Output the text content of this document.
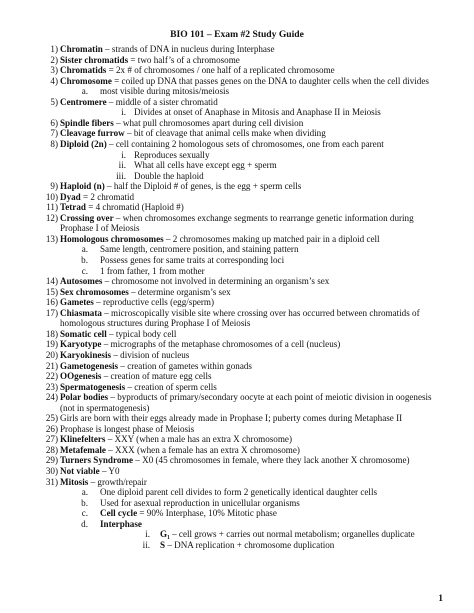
BIO 101 – Exam #2 Study Guide
1) Chromatin – strands of DNA in nucleus during Interphase
2) Sister chromatids = two half’s of a chromosome
3) Chromatids = 2x # of chromosomes / one half of a replicated chromosome
4) Chromosome = coiled up DNA that passes genes on the DNA to daughter cells when the cell divides
a. most visible during mitosis/meiosis
5) Centromere – middle of a sister chromatid
i. Divides at onset of Anaphase in Mitosis and Anaphase II in Meiosis
6) Spindle fibers – what pull chromosomes apart during cell division
7) Cleavage furrow – bit of cleavage that animal cells make when dividing
8) Diploid (2n) – cell containing 2 homologous sets of chromosomes, one from each parent
i. Reproduces sexually
ii. What all cells have except egg + sperm
iii. Double the haploid
9) Haploid (n) – half the Diploid # of genes, is the egg + sperm cells
10) Dyad = 2 chromatid
11) Tetrad = 4 chromatid (Haploid #)
12) Crossing over – when chromosomes exchange segments to rearrange genetic information during
Prophase I of Meiosis
13) Homologous chromosomes – 2 chromosomes making up matched pair in a diploid cell
a. Same length, centromere position, and staining pattern
b. Possess genes for same traits at corresponding loci
c. 1 from father, 1 from mother
14) Autosomes – chromosome not involved in determining an organism’s sex
15) Sex chromosomes – determine organism’s sex
16) Gametes – reproductive cells (egg/sperm)
17) Chiasmata – microscopically visible site where crossing over has occurred between chromatids of
homologous structures during Prophase I of Meiosis
18) Somatic cell – typical body cell
19) Karyotype – micrographs of the metaphase chromosomes of a cell (nucleus)
20) Karyokinesis – division of nucleus
21) Gametogenesis – creation of gametes within gonads
22) OOgenesis – creation of mature egg cells
23) Spermatogenesis – creation of sperm cells
24) Polar bodies – byproducts of primary/secondary oocyte at each point of meiotic division in oogenesis
(not in spermatogenesis)
25) Girls are born with their eggs already made in Prophase I; puberty comes during Metaphase II
26) Prophase is longest phase of Meiosis
27) Klinefelters – XXY (when a male has an extra X chromosome)
28) Metafemale – XXX (when a female has an extra X chromosome)
29) Turners Syndrome – X0 (45 chromosomes in female, where they lack another X chromosome)
30) Not viable – Y0
31) Mitosis – growth/repair
a. One diploid parent cell divides to form 2 genetically identical daughter cells
b. Used for asexual reproduction in unicellular organisms
c. Cell cycle = 90% Interphase, 10% Mitotic phase
d. Interphase
i. G₁ – cell grows + carries out normal metabolism; organelles duplicate
ii. S – DNA replication + chromosome duplication
1
